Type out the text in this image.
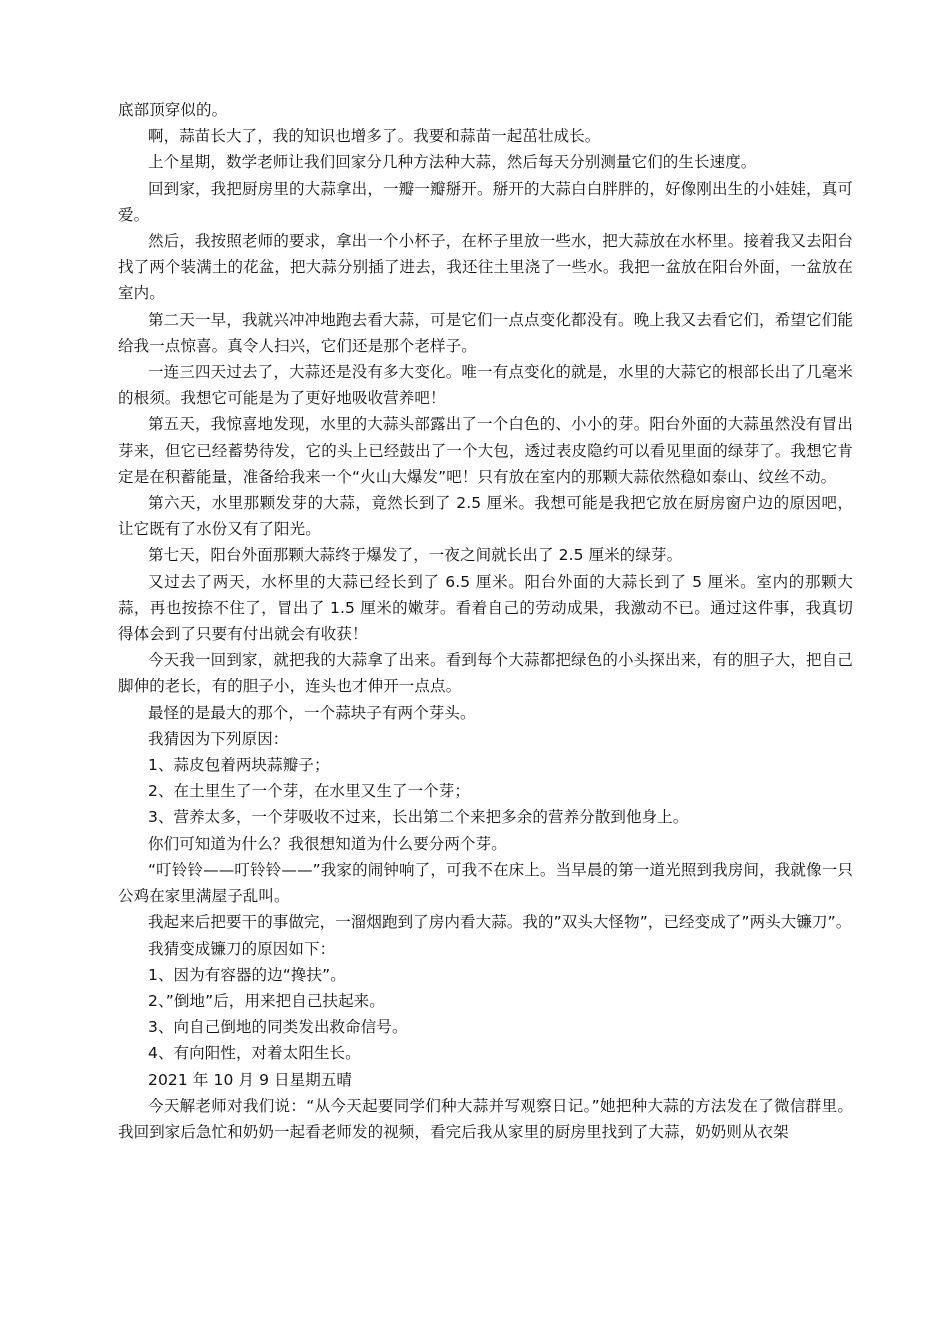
底部顶穿似的。

啊，蒜苗长大了，我的知识也增多了。我要和蒜苗一起茁壮成长。

上个星期，数学老师让我们回家分几种方法种大蒜，然后每天分别测量它们的生长速度。

回到家，我把厨房里的大蒜拿出，一瓣一瓣掰开。掰开的大蒜白白胖胖的，好像刚出生的小娃娃，真可爱。

然后，我按照老师的要求，拿出一个小杯子，在杯子里放一些水，把大蒜放在水杯里。接着我又去阳台找了两个装满土的花盆，把大蒜分别插了进去，我还往土里浇了一些水。我把一盆放在阳台外面，一盆放在室内。

第二天一早，我就兴冲冲地跑去看大蒜，可是它们一点点变化都没有。晚上我又去看它们，希望它们能给我一点惊喜。真令人扫兴，它们还是那个老样子。

一连三四天过去了，大蒜还是没有多大变化。唯一有点变化的就是，水里的大蒜它的根部长出了几毫米的根须。我想它可能是为了更好地吸收营养吧！

第五天，我惊喜地发现，水里的大蒜头部露出了一个白色的、小小的芽。阳台外面的大蒜虽然没有冒出芽来，但它已经蓄势待发，它的头上已经鼓出了一个大包，透过表皮隐约可以看见里面的绿芽了。我想它肯定是在积蓄能量，准备给我来一个“火山大爆发”吧！只有放在室内的那颗大蒜依然稳如泰山、纹丝不动。

第六天，水里那颗发芽的大蒜，竟然长到了 2.5 厘米。我想可能是我把它放在厨房窗户边的原因吧，让它既有了水份又有了阳光。

第七天，阳台外面那颗大蒜终于爆发了，一夜之间就长出了 2.5 厘米的绿芽。

又过去了两天，水杯里的大蒜已经长到了 6.5 厘米。阳台外面的大蒜长到了 5 厘米。室内的那颗大蒜，再也按捺不住了，冒出了 1.5 厘米的嫩芽。看着自己的劳动成果，我激动不已。通过这件事，我真切得体会到了只要有付出就会有收获！

今天我一回到家，就把我的大蒜拿了出来。看到每个大蒜都把绿色的小头探出来，有的胆子大，把自己脚伸的老长，有的胆子小，连头也才伸开一点点。

最怪的是最大的那个，一个蒜块子有两个芽头。

我猜因为下列原因：

1、蒜皮包着两块蒜瓣子；

2、在土里生了一个芽，在水里又生了一个芽；

3、营养太多，一个芽吸收不过来，长出第二个来把多余的营养分散到他身上。

你们可知道为什么？我很想知道为什么要分两个芽。

“叮铃铃——叮铃铃——”我家的闹钟响了，可我不在床上。当早晨的第一道光照到我房间，我就像一只公鸡在家里满屋子乱叫。

我起来后把要干的事做完，一溜烟跑到了房内看大蒜。我的”双头大怪物”，已经变成了”两头大镰刀”。

我猜变成镰刀的原因如下：

1、因为有容器的边“搀扶”。

2、”倒地”后，用来把自己扶起来。

3、向自己倒地的同类发出救命信号。

4、有向阳性，对着太阳生长。

2021 年 10 月 9 日星期五晴

今天解老师对我们说：“从今天起要同学们种大蒜并写观察日记。”她把种大蒜的方法发在了微信群里。我回到家后急忙和奶奶一起看老师发的视频，看完后我从家里的厨房里找到了大蒜，奶奶则从衣架
